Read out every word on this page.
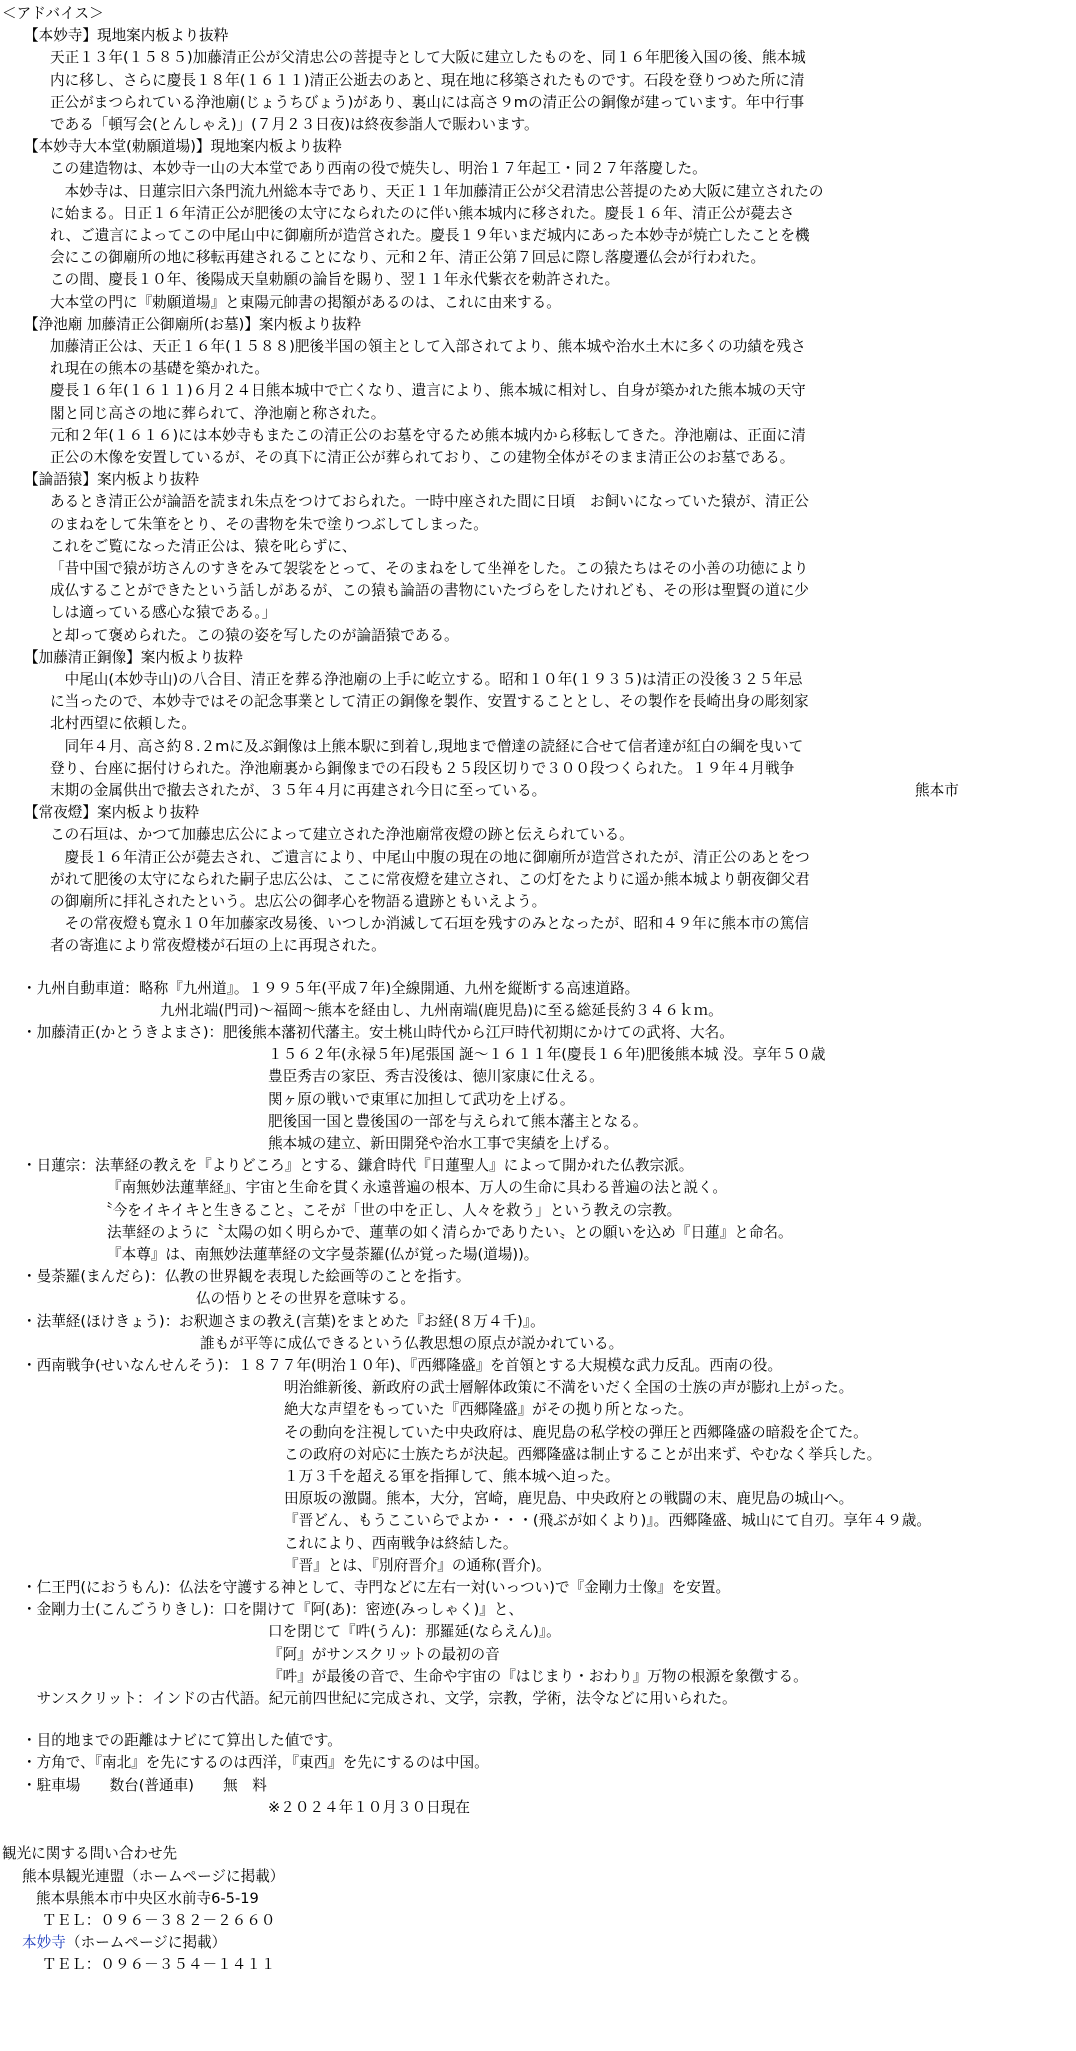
＜アドバイス＞
【本妙寺】現地案内板より抜粋
天正１３年(１５８５)加藤清正公が父清忠公の菩提寺として大阪に建立したものを、同１６年肥後入国の後、熊本城
内に移し、さらに慶長１８年(１６１１)清正公逝去のあと、現在地に移築されたものです。石段を登りつめた所に清
正公がまつられている浄池廟(じょうちびょう)があり、裏山には高さ９mの清正公の銅像が建っています。年中行事
である「頓写会(とんしゃえ)」(７月２３日夜)は終夜参詣人で賑わいます。
【本妙寺大本堂(勅願道場)】現地案内板より抜粋
この建造物は、本妙寺一山の大本堂であり西南の役で焼失し、明治１７年起工・同２７年落慶した。
　本妙寺は、日蓮宗旧六条門流九州総本寺であり、天正１１年加藤清正公が父君清忠公菩提のため大阪に建立されたの
に始まる。日正１６年清正公が肥後の太守になられたのに伴い熊本城内に移された。慶長１６年、清正公が薨去さ
れ、ご遺言によってこの中尾山中に御廟所が造営された。慶長１９年いまだ城内にあった本妙寺が焼亡したことを機
会にこの御廟所の地に移転再建されることになり、元和２年、清正公第７回忌に際し落慶遷仏会が行われた。
この間、慶長１０年、後陽成天皇勅願の論旨を賜り、翌１１年永代紫衣を勅許された。
大本堂の門に『勅願道場』と東陽元帥書の掲額があるのは、これに由来する。
【浄池廟 加藤清正公御廟所(お墓)】案内板より抜粋
加藤清正公は、天正１６年(１５８８)肥後半国の領主として入部されてより、熊本城や治水土木に多くの功績を残さ
れ現在の熊本の基礎を築かれた。
慶長１６年(１６１１)６月２４日熊本城中で亡くなり、遺言により、熊本城に相対し、自身が築かれた熊本城の天守
閣と同じ高さの地に葬られて、浄池廟と称された。
元和２年(１６１６)には本妙寺もまたこの清正公のお墓を守るため熊本城内から移転してきた。浄池廟は、正面に清
正公の木像を安置しているが、その真下に清正公が葬られており、この建物全体がそのまま清正公のお墓である。
【論語猿】案内板より抜粋
あるとき清正公が論語を読まれ朱点をつけておられた。一時中座された間に日頃　お飼いになっていた猿が、清正公
のまねをして朱筆をとり、その書物を朱で塗りつぶしてしまった。
これをご覧になった清正公は、猿を叱らずに、
「昔中国で猿が坊さんのすきをみて袈裟をとって、そのまねをして坐禅をした。この猿たちはその小善の功徳により
成仏することができたという話しがあるが、この猿も論語の書物にいたづらをしたけれども、その形は聖賢の道に少
しは適っている感心な猿である。」
と却って褒められた。この猿の姿を写したのが論語猿である。
【加藤清正銅像】案内板より抜粋
　中尾山(本妙寺山)の八合目、清正を葬る浄池廟の上手に屹立する。昭和１０年(１９３５)は清正の没後３２５年忌
に当ったので、本妙寺ではその記念事業として清正の銅像を製作、安置することとし、その製作を長崎出身の彫刻家
北村西望に依頼した。
　同年４月、高さ約８.２mに及ぶ銅像は上熊本駅に到着し,現地まで僧達の読経に合せて信者達が紅白の綱を曳いて
登り、台座に据付けられた。浄池廟裏から銅像までの石段も２５段区切りで３００段つくられた。１９年４月戦争
末期の金属供出で撤去されたが、３５年４月に再建され今日に至っている。	熊本市
【常夜燈】案内板より抜粋
この石垣は、かつて加藤忠広公によって建立された浄池廟常夜燈の跡と伝えられている。
　慶長１６年清正公が薨去され、ご遺言により、中尾山中腹の現在の地に御廟所が造営されたが、清正公のあとをつ
がれて肥後の太守になられた嗣子忠広公は、ここに常夜燈を建立され、この灯をたよりに遥か熊本城より朝夜御父君
の御廟所に拝礼されたという。忠広公の御孝心を物語る遺跡ともいえよう。
　その常夜燈も寛永１０年加藤家改易後、いつしか消滅して石垣を残すのみとなったが、昭和４９年に熊本市の篤信
者の寄進により常夜燈楼が石垣の上に再現された。
・九州自動車道： 略称『九州道』。１９９５年(平成７年)全線開通、九州を縦断する高速道路。
九州北端(門司)～福岡～熊本を経由し、九州南端(鹿児島)に至る総延長約３４６ｋｍ。
・加藤清正(かとうきよまさ)： 肥後熊本藩初代藩主。安土桃山時代から江戸時代初期にかけての武将、大名。
１５６２年(永禄５年)尾張国 誕～１６１１年(慶長１６年)肥後熊本城 没。享年５０歳
豊臣秀吉の家臣、秀吉没後は、徳川家康に仕える。
関ヶ原の戦いで東軍に加担して武功を上げる。
肥後国一国と豊後国の一部を与えられて熊本藩主となる。
熊本城の建立、新田開発や治水工事で実績を上げる。
・日蓮宗： 法華経の教えを『よりどころ』とする、鎌倉時代『日蓮聖人』によって開かれた仏教宗派。
『南無妙法蓮華経』、宇宙と生命を貫く永遠普遍の根本、万人の生命に具わる普遍の法と説く。
〝今をイキイキと生きること〟こそが「世の中を正し、人々を救う」という教えの宗教。
法華経のように〝太陽の如く明らかで、蓮華の如く清らかでありたい〟との願いを込め『日蓮』と命名。
『本尊』は、南無妙法蓮華経の文字曼荼羅(仏が覚った場(道場))。
・曼荼羅(まんだら)： 仏教の世界観を表現した絵画等のことを指す。
仏の悟りとその世界を意味する。
・法華経(ほけきょう)： お釈迦さまの教え(言葉)をまとめた『お経(８万４千)』。
誰もが平等に成仏できるという仏教思想の原点が説かれている。
・西南戦争(せいなんせんそう)： １８７７年(明治１０年)、『西郷隆盛』を首領とする大規模な武力反乱。西南の役。
明治維新後、新政府の武士層解体政策に不満をいだく全国の士族の声が膨れ上がった。
絶大な声望をもっていた『西郷隆盛』がその拠り所となった。
その動向を注視していた中央政府は、鹿児島の私学校の弾圧と西郷隆盛の暗殺を企てた。
この政府の対応に士族たちが決起。西郷隆盛は制止することが出来ず、やむなく挙兵した。
１万３千を超える軍を指揮して、熊本城へ迫った。
田原坂の激闘。熊本，大分，宮崎，鹿児島、中央政府との戦闘の末、鹿児島の城山へ。
『晋どん、もうここいらでよか・・・(飛ぶが如くより)』。西郷隆盛、城山にて自刃。享年４９歳。
これにより、西南戦争は終結した。
『晋』とは、『別府晋介』の通称(晋介)。
・仁王門(におうもん)： 仏法を守護する神として、寺門などに左右一対(いっつい)で『金剛力士像』を安置。
・金剛力士(こんごうりきし)： 口を開けて『阿(あ)：密迹(みっしゃく)』と、
口を閉じて『吽(うん)：那羅延(ならえん)』。
『阿』がサンスクリットの最初の音
『吽』が最後の音で、生命や宇宙の『はじまり・おわり』万物の根源を象徴する。
　サンスクリット： インドの古代語。紀元前四世紀に完成され、文学，宗教，学術，法令などに用いられた。
・目的地までの距離はナビにて算出した値です。
・方角で、『南北』を先にするのは西洋，『東西』を先にするのは中国。
・駐車場　　数台(普通車)　　無　料
※２０２４年１０月３０日現在
観光に関する問い合わせ先
熊本県観光連盟（ホームページに掲載）
熊本県熊本市中央区水前寺6-5-19
ＴＥＬ：０９６－３８２－２６６０
本妙寺 （ホームページに掲載）
ＴＥＬ：０９６－３５４－１４１１
